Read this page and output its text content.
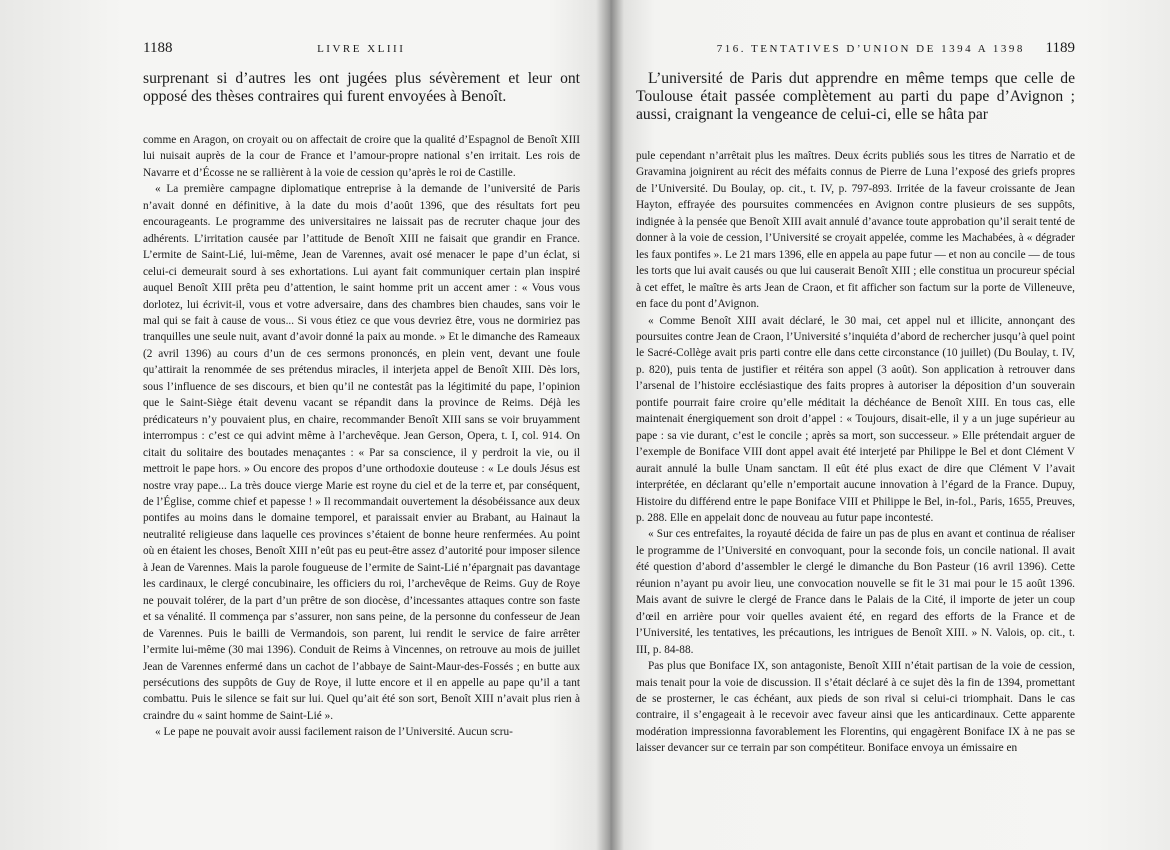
1188	LIVRE XLIII

surprenant si d’autres les ont jugées plus sévèrement et leur ont opposé des thèses contraires qui furent envoyées à Benoît.

comme en Aragon, on croyait ou on affectait de croire que la qualité d’Espagnol de Benoît XIII lui nuisait auprès de la cour de France et l’amour-propre national s’en irritait. Les rois de Navarre et d’Écosse ne se rallièrent à la voie de cession qu’après le roi de Castille.

« La première campagne diplomatique entreprise à la demande de l’université de Paris n’avait donné en définitive, à la date du mois d’août 1396, que des résultats fort peu encourageants. Le programme des universitaires ne laissait pas de recruter chaque jour des adhérents. L’irritation causée par l’attitude de Benoît XIII ne faisait que grandir en France. L’ermite de Saint-Lié, lui-même, Jean de Varennes, avait osé menacer le pape d’un éclat, si celui-ci demeurait sourd à ses exhortations. Lui ayant fait communiquer certain plan inspiré auquel Benoît XIII prêta peu d’attention, le saint homme prit un accent amer : « Vous vous dorlotez, lui écrivit-il, vous et votre adversaire, dans des chambres bien chaudes, sans voir le mal qui se fait à cause de vous... Si vous étiez ce que vous devriez être, vous ne dormiriez pas tranquilles une seule nuit, avant d’avoir donné la paix au monde. » Et le dimanche des Rameaux (2 avril 1396) au cours d’un de ces sermons prononcés, en plein vent, devant une foule qu’attirait la renommée de ses prétendus miracles, il interjeta appel de Benoît XIII. Dès lors, sous l’influence de ses discours, et bien qu’il ne contestât pas la légitimité du pape, l’opinion que le Saint-Siège était devenu vacant se répandit dans la province de Reims. Déjà les prédicateurs n’y pouvaient plus, en chaire, recommander Benoît XIII sans se voir bruyamment interrompus : c’est ce qui advint même à l’archevêque. Jean Gerson, Opera, t. I, col. 914. On citait du solitaire des boutades menaçantes : « Par sa conscience, il y perdroit la vie, ou il mettroit le pape hors. » Ou encore des propos d’une orthodoxie douteuse : « Le douls Jésus est nostre vray pape... La très douce vierge Marie est royne du ciel et de la terre et, par conséquent, de l’Église, comme chief et papesse ! » Il recommandait ouvertement la désobéissance aux deux pontifes au moins dans le domaine temporel, et paraissait envier au Brabant, au Hainaut la neutralité religieuse dans laquelle ces provinces s’étaient de bonne heure renfermées. Au point où en étaient les choses, Benoît XIII n’eût pas eu peut-être assez d’autorité pour imposer silence à Jean de Varennes. Mais la parole fougueuse de l’ermite de Saint-Lié n’épargnait pas davantage les cardinaux, le clergé concubinaire, les officiers du roi, l’archevêque de Reims. Guy de Roye ne pouvait tolérer, de la part d’un prêtre de son diocèse, d’incessantes attaques contre son faste et sa vénalité. Il commença par s’assurer, non sans peine, de la personne du confesseur de Jean de Varennes. Puis le bailli de Vermandois, son parent, lui rendit le service de faire arrêter l’ermite lui-même (30 mai 1396). Conduit de Reims à Vincennes, on retrouve au mois de juillet Jean de Varennes enfermé dans un cachot de l’abbaye de Saint-Maur-des-Fossés ; en butte aux persécutions des suppôts de Guy de Roye, il lutte encore et il en appelle au pape qu’il a tant combattu. Puis le silence se fait sur lui. Quel qu’ait été son sort, Benoît XIII n’avait plus rien à craindre du « saint homme de Saint-Lié ».

« Le pape ne pouvait avoir aussi facilement raison de l’Université. Aucun scru-

716. TENTATIVES D’UNION DE 1394 A 1398 1189

L’université de Paris dut apprendre en même temps que celle de Toulouse était passée complètement au parti du pape d’Avignon ; aussi, craignant la vengeance de celui-ci, elle se hâta par

pule cependant n’arrêtait plus les maîtres. Deux écrits publiés sous les titres de Narratio et de Gravamina joignirent au récit des méfaits connus de Pierre de Luna l’exposé des griefs propres de l’Université. Du Boulay, op. cit., t. IV, p. 797-893. Irritée de la faveur croissante de Jean Hayton, effrayée des poursuites commencées en Avignon contre plusieurs de ses suppôts, indignée à la pensée que Benoît XIII avait annulé d’avance toute approbation qu’il serait tenté de donner à la voie de cession, l’Université se croyait appelée, comme les Machabées, à « dégrader les faux pontifes ». Le 21 mars 1396, elle en appela au pape futur — et non au concile — de tous les torts que lui avait causés ou que lui causerait Benoît XIII ; elle constitua un procureur spécial à cet effet, le maître ès arts Jean de Craon, et fit afficher son factum sur la porte de Villeneuve, en face du pont d’Avignon.

« Comme Benoît XIII avait déclaré, le 30 mai, cet appel nul et illicite, annonçant des poursuites contre Jean de Craon, l’Université s’inquiéta d’abord de rechercher jusqu’à quel point le Sacré-Collège avait pris parti contre elle dans cette circonstance (10 juillet) (Du Boulay, t. IV, p. 820), puis tenta de justifier et réitéra son appel (3 août). Son application à retrouver dans l’arsenal de l’histoire ecclésiastique des faits propres à autoriser la déposition d’un souverain pontife pourrait faire croire qu’elle méditait la déchéance de Benoît XIII. En tous cas, elle maintenait énergiquement son droit d’appel : « Toujours, disait-elle, il y a un juge supérieur au pape : sa vie durant, c’est le concile ; après sa mort, son successeur. » Elle prétendait arguer de l’exemple de Boniface VIII dont appel avait été interjeté par Philippe le Bel et dont Clément V aurait annulé la bulle Unam sanctam. Il eût été plus exact de dire que Clément V l’avait interprétée, en déclarant qu’elle n’emportait aucune innovation à l’égard de la France. Dupuy, Histoire du différend entre le pape Boniface VIII et Philippe le Bel, in-fol., Paris, 1655, Preuves, p. 288. Elle en appelait donc de nouveau au futur pape incontesté.

« Sur ces entrefaites, la royauté décida de faire un pas de plus en avant et continua de réaliser le programme de l’Université en convoquant, pour la seconde fois, un concile national. Il avait été question d’abord d’assembler le clergé le dimanche du Bon Pasteur (16 avril 1396). Cette réunion n’ayant pu avoir lieu, une convocation nouvelle se fit le 31 mai pour le 15 août 1396. Mais avant de suivre le clergé de France dans le Palais de la Cité, il importe de jeter un coup d’œil en arrière pour voir quelles avaient été, en regard des efforts de la France et de l’Université, les tentatives, les précautions, les intrigues de Benoît XIII. » N. Valois, op. cit., t. III, p. 84-88.

Pas plus que Boniface IX, son antagoniste, Benoît XIII n’était partisan de la voie de cession, mais tenait pour la voie de discussion. Il s’était déclaré à ce sujet dès la fin de 1394, promettant de se prosterner, le cas échéant, aux pieds de son rival si celui-ci triomphait. Dans le cas contraire, il s’engageait à le recevoir avec faveur ainsi que les anticardinaux. Cette apparente modération impressionna favorablement les Florentins, qui engagèrent Boniface IX à ne pas se laisser devancer sur ce terrain par son compétiteur. Boniface envoya un émissaire en
